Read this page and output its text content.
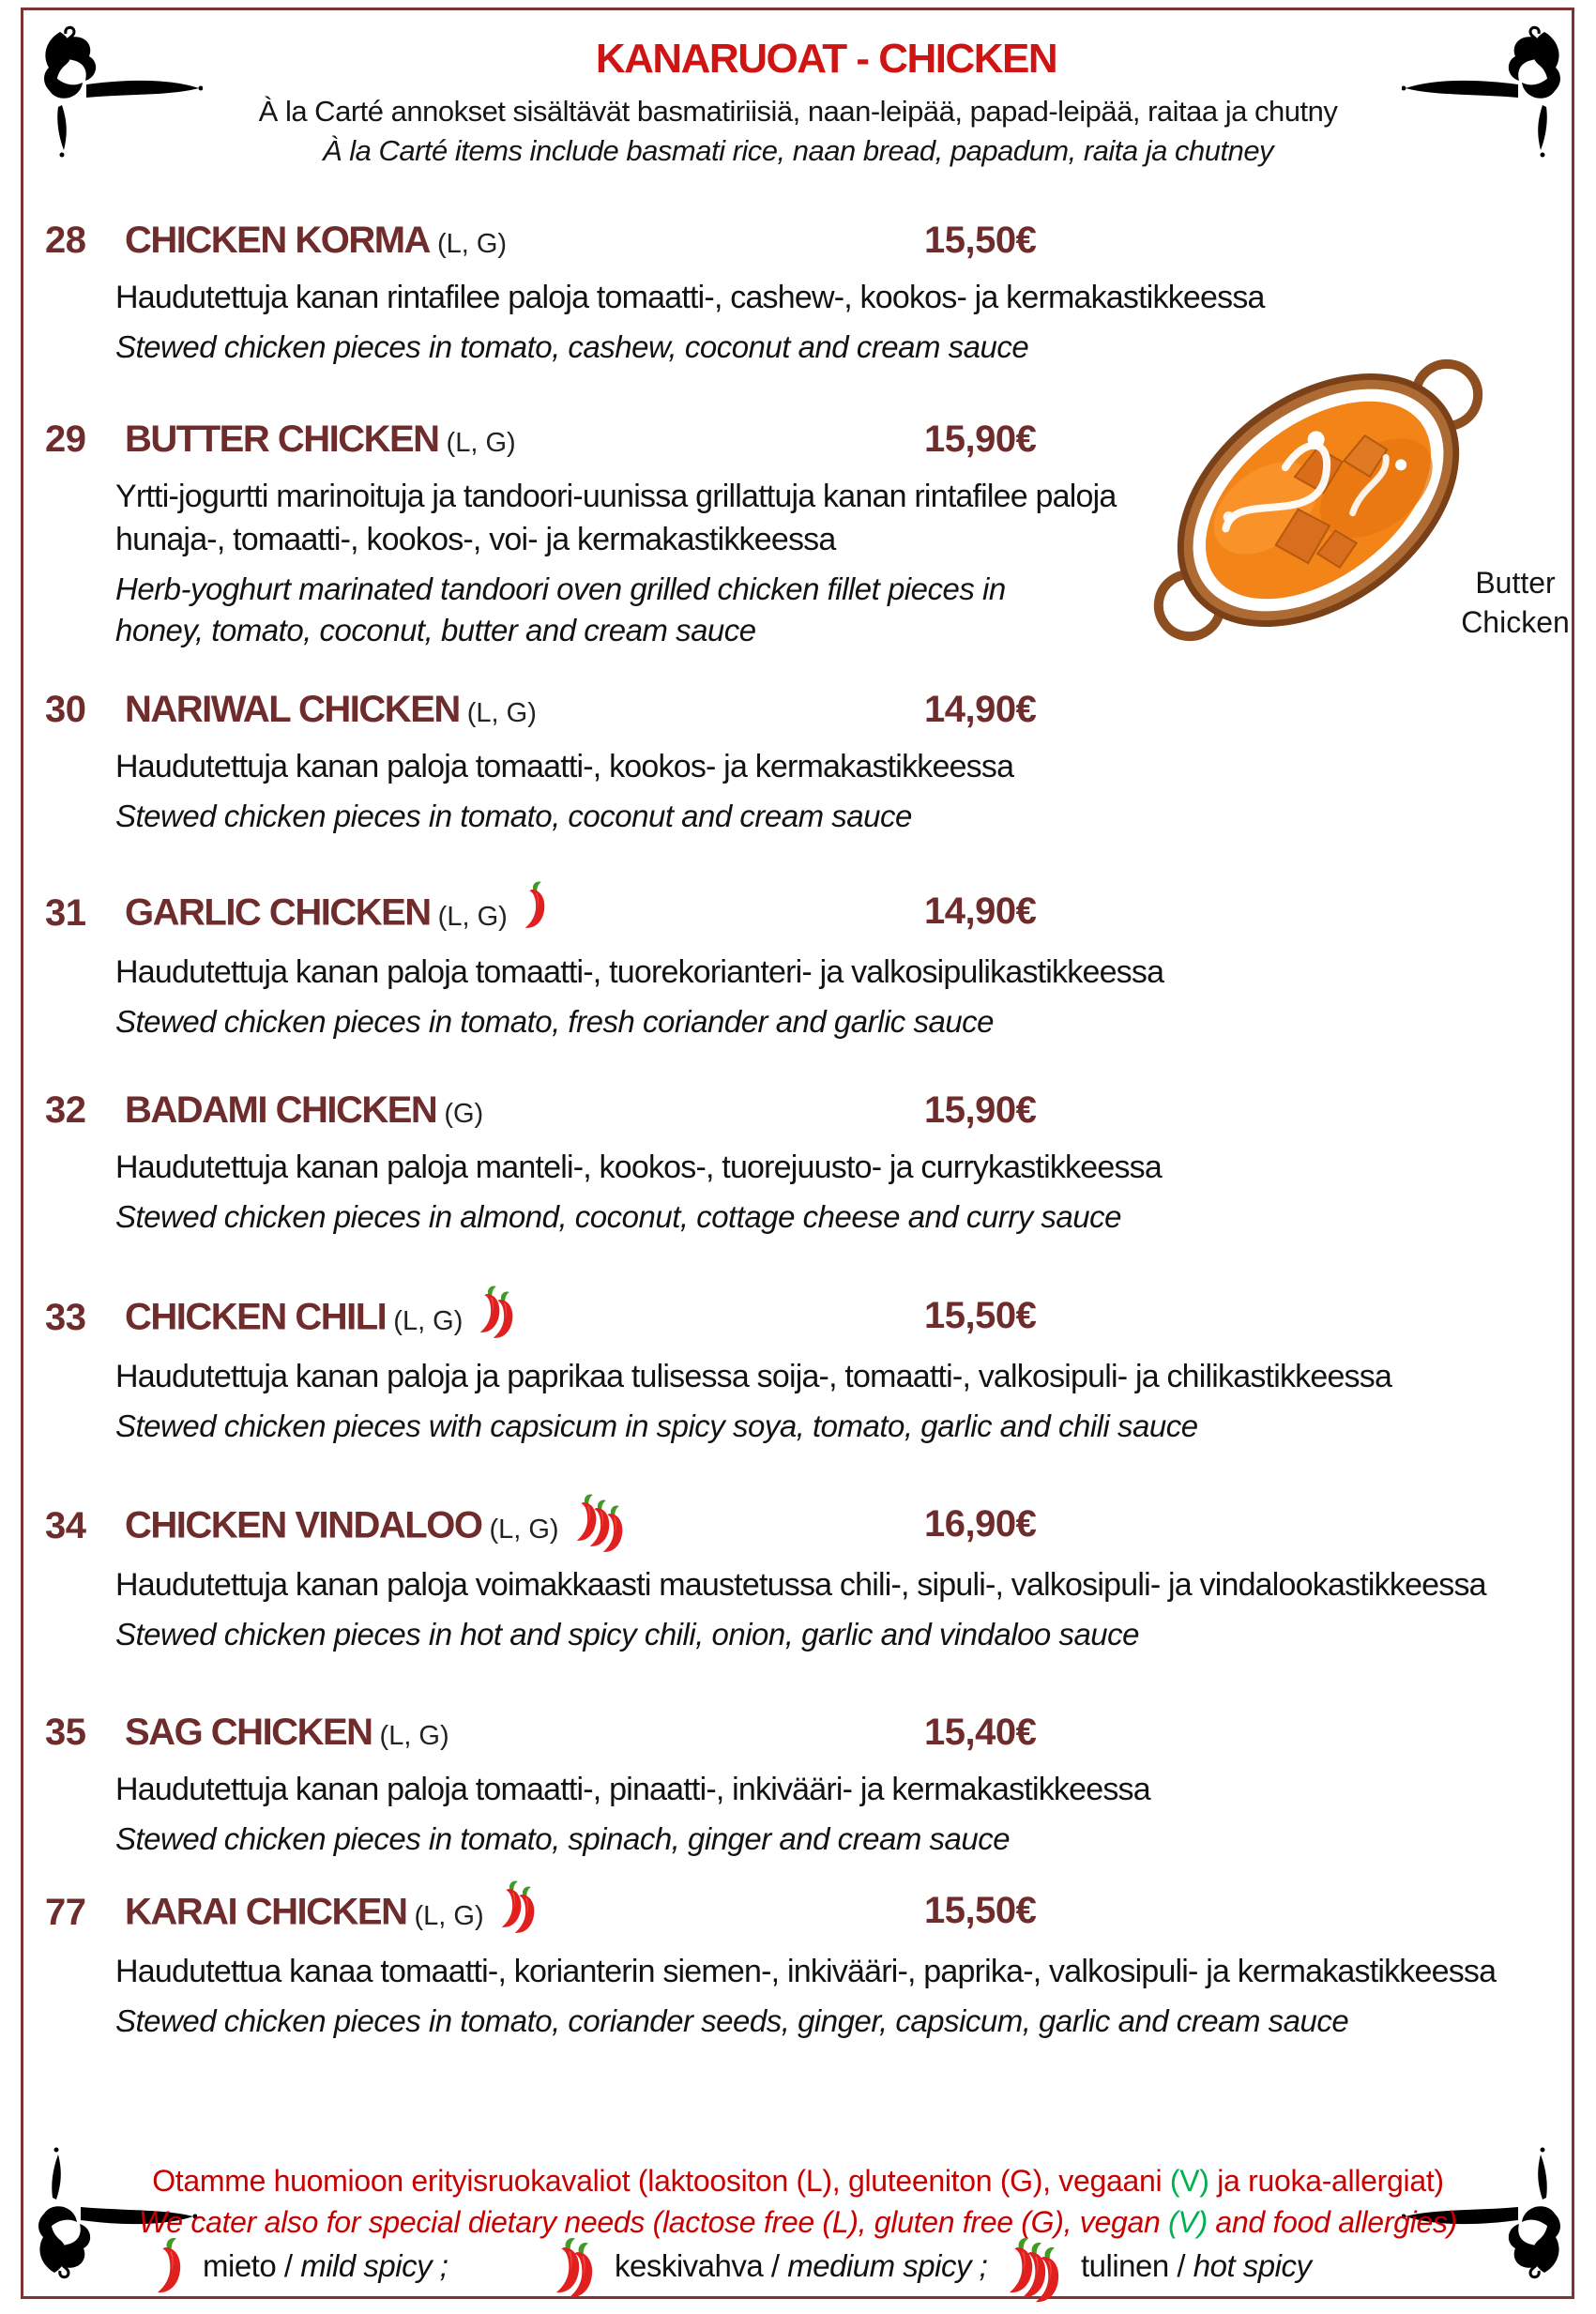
KANARUOAT - CHICKEN
À la Carté annokset sisältävät basmatiriisiä, naan-leipää, papad-leipää, raitaa ja chutny
À la Carté items include basmati rice, naan bread, papadum, raita ja chutney
Butter
Chicken
28 CHICKEN KORMA (L, G)	15,50€
Haudutettuja kanan rintafilee paloja tomaatti-, cashew-, kookos- ja kermakastikkeessa
Stewed chicken pieces in tomato, cashew, coconut and cream sauce
29 BUTTER CHICKEN (L, G)	15,90€
Yrtti-jogurtti marinoituja ja tandoori-uunissa grillattuja kanan rintafilee paloja
hunaja-, tomaatti-, kookos-, voi- ja kermakastikkeessa
Herb-yoghurt marinated tandoori oven grilled chicken fillet pieces in
honey, tomato, coconut, butter and cream sauce
30 NARIWAL CHICKEN (L, G)	14,90€
Haudutettuja kanan paloja tomaatti-, kookos- ja kermakastikkeessa
Stewed chicken pieces in tomato, coconut and cream sauce
31 GARLIC CHICKEN (L, G)	14,90€
Haudutettuja kanan paloja tomaatti-, tuorekorianteri- ja valkosipulikastikkeessa
Stewed chicken pieces in tomato, fresh coriander and garlic sauce
32 BADAMI CHICKEN (G)	15,90€
Haudutettuja kanan paloja manteli-, kookos-, tuorejuusto- ja currykastikkeessa
Stewed chicken pieces in almond, coconut, cottage cheese and curry sauce
33 CHICKEN CHILI (L, G)	15,50€
Haudutettuja kanan paloja ja paprikaa tulisessa soija-, tomaatti-, valkosipuli- ja chilikastikkeessa
Stewed chicken pieces with capsicum in spicy soya, tomato, garlic and chili sauce
34 CHICKEN VINDALOO (L, G)	16,90€
Haudutettuja kanan paloja voimakkaasti maustetussa chili-, sipuli-, valkosipuli- ja vindalookastikkeessa
Stewed chicken pieces in hot and spicy chili, onion, garlic and vindaloo sauce
35 SAG CHICKEN (L, G)	15,40€
Haudutettuja kanan paloja tomaatti-, pinaatti-, inkivääri- ja kermakastikkeessa
Stewed chicken pieces in tomato, spinach, ginger and cream sauce
77 KARAI CHICKEN (L, G)	15,50€
Haudutettua kanaa tomaatti-, korianterin siemen-, inkivääri-, paprika-, valkosipuli- ja kermakastikkeessa
Stewed chicken pieces in tomato, coriander seeds, ginger, capsicum, garlic and cream sauce
Otamme huomioon erityisruokavaliot (laktoositon (L), gluteeniton (G), vegaani (V) ja ruoka-allergiat)
We cater also for special dietary needs (lactose free (L), gluten free (G), vegan (V) and food allergies)
mieto / mild spicy ;	keskivahva / medium spicy ;	tulinen / hot spicy
